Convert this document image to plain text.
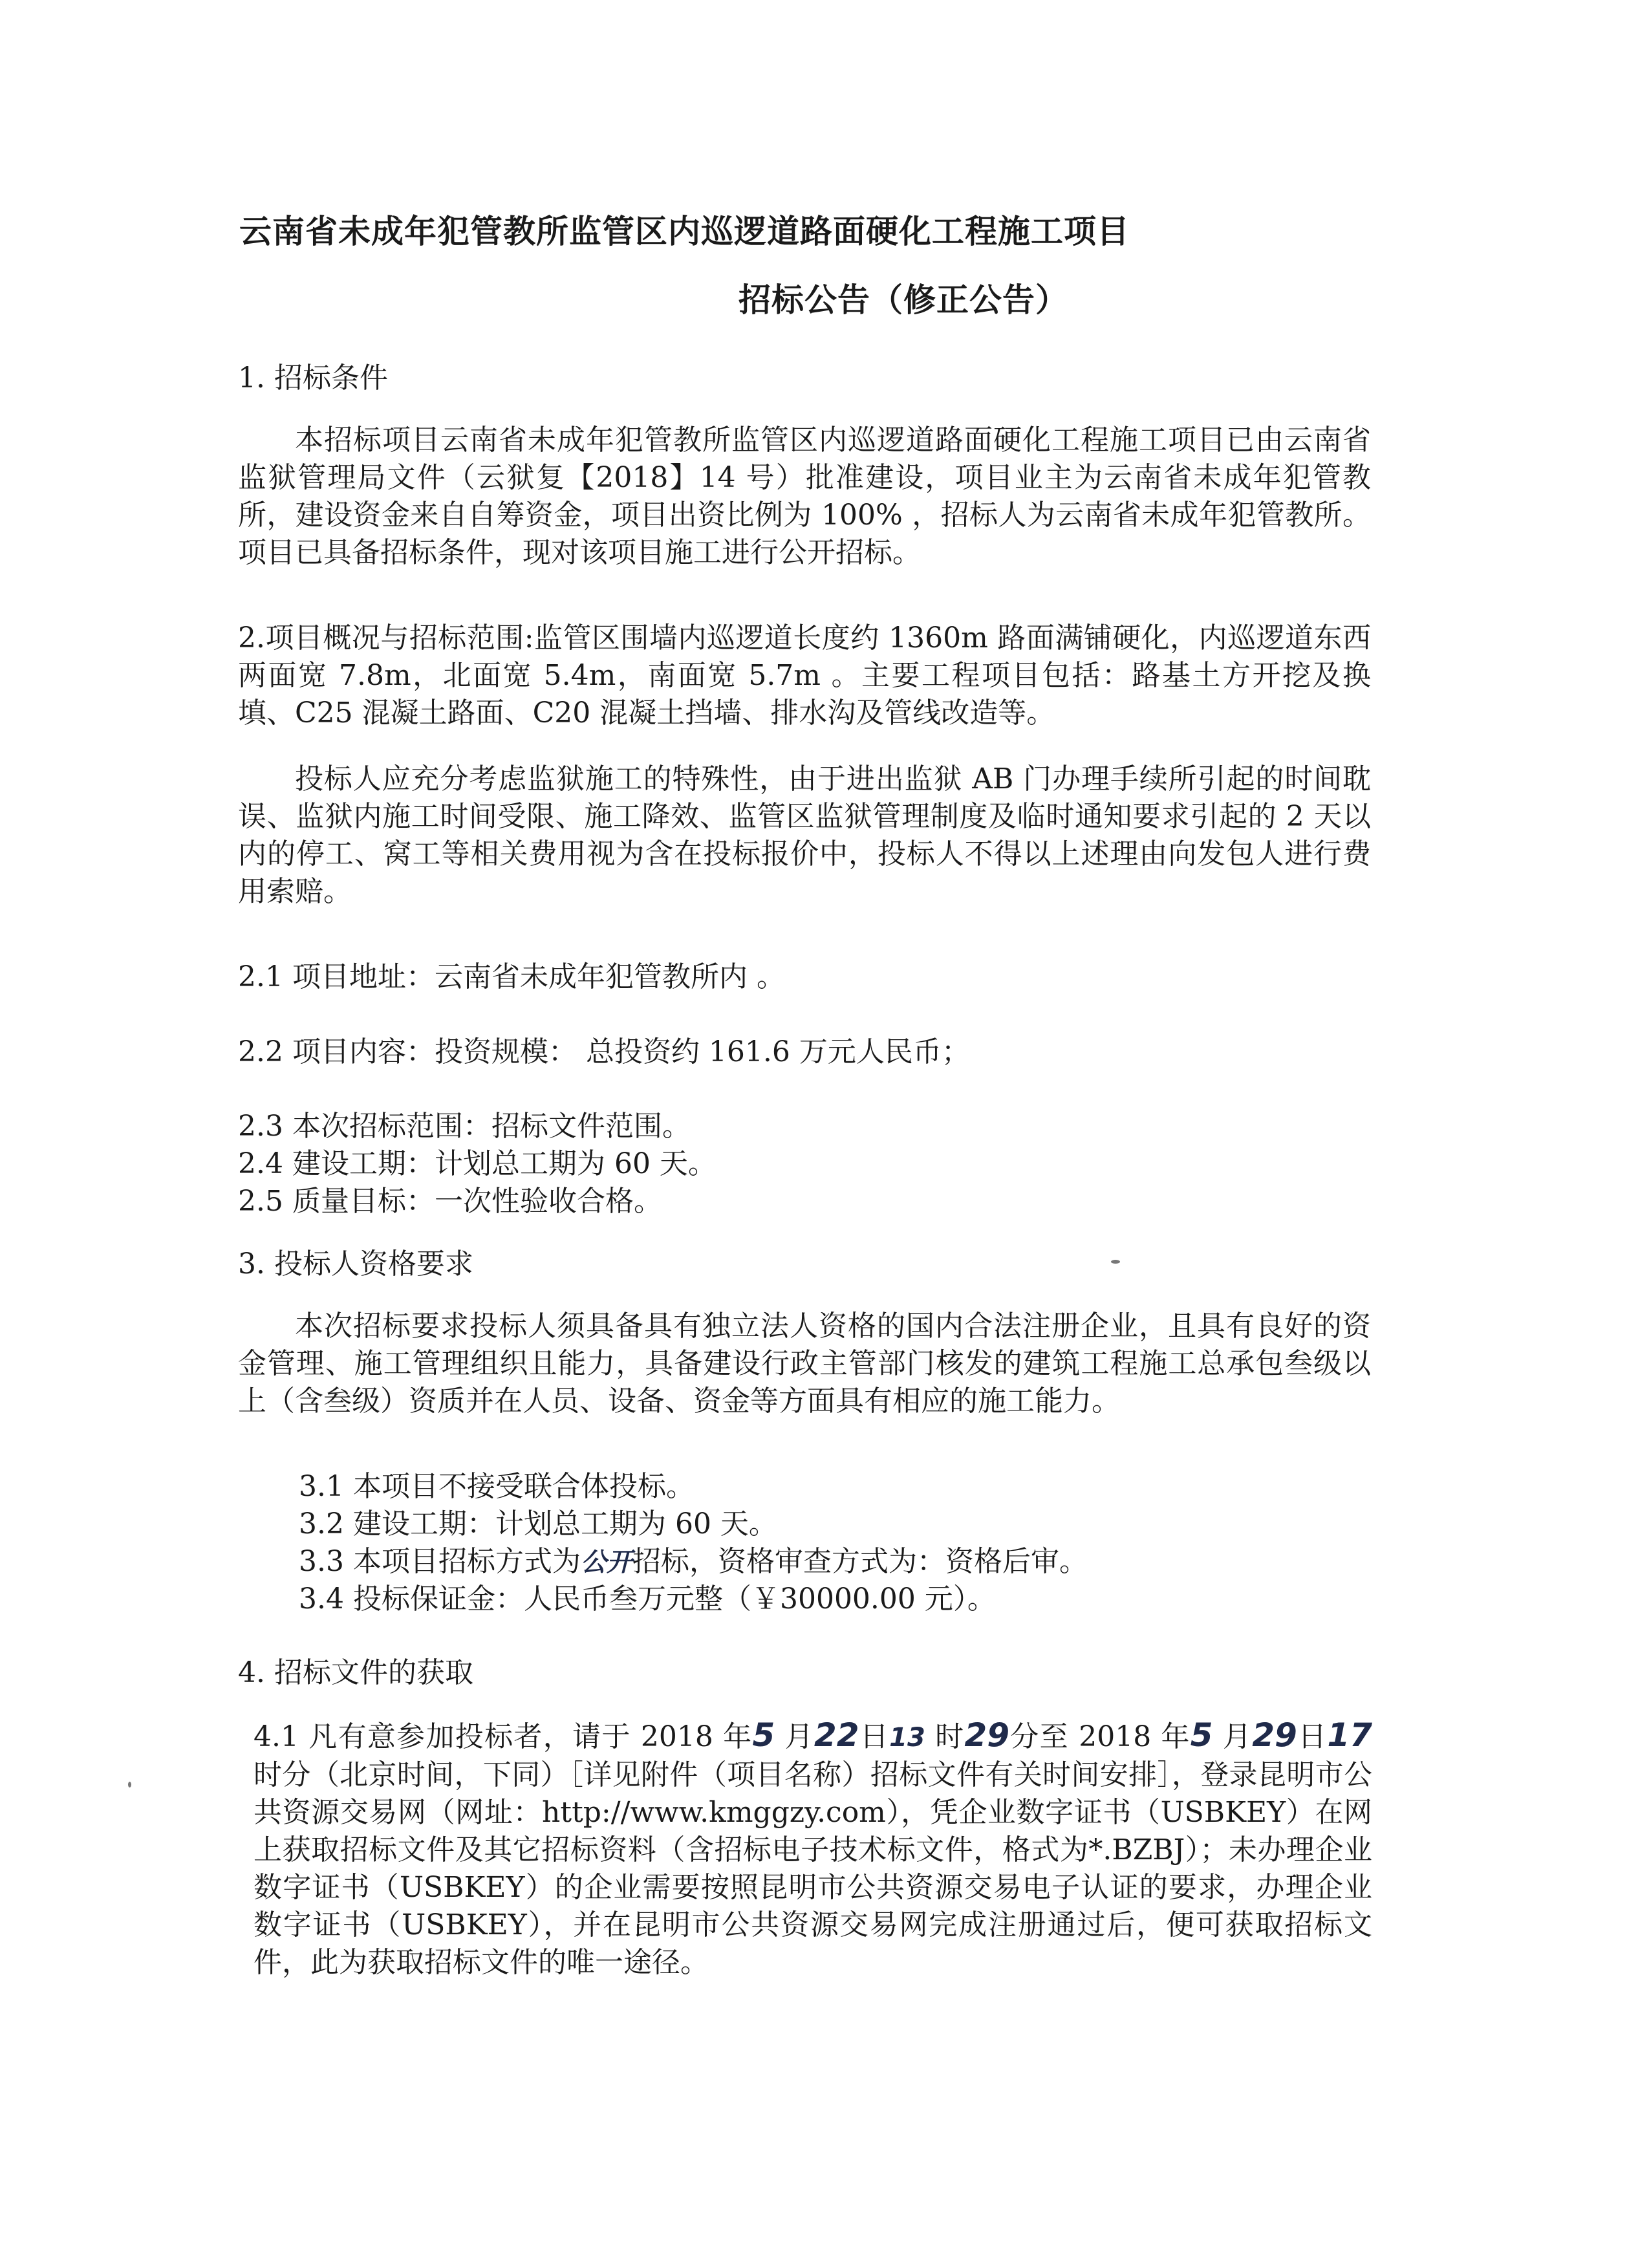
云南省未成年犯管教所监管区内巡逻道路面硬化工程施工项目
招标公告（修正公告）
1. 招标条件

本招标项目云南省未成年犯管教所监管区内巡逻道路面硬化工程施工项目已由云南省监狱管理局文件（云狱复【2018】14 号）批准建设，项目业主为云南省未成年犯管教所，建设资金来自自筹资金，项目出资比例为 100% ，招标人为云南省未成年犯管教所。项目已具备招标条件，现对该项目施工进行公开招标。

2.项目概况与招标范围:监管区围墙内巡逻道长度约 1360m 路面满铺硬化，内巡逻道东西两面宽 7.8m，北面宽 5.4m，南面宽 5.7m 。主要工程项目包括：路基土方开挖及换填、C25 混凝土路面、C20 混凝土挡墙、排水沟及管线改造等。

投标人应充分考虑监狱施工的特殊性，由于进出监狱 AB 门办理手续所引起的时间耽误、监狱内施工时间受限、施工降效、监管区监狱管理制度及临时通知要求引起的 2 天以内的停工、窝工等相关费用视为含在投标报价中，投标人不得以上述理由向发包人进行费用索赔。

2.1 项目地址：云南省未成年犯管教所内 。
2.2 项目内容：投资规模： 总投资约 161.6 万元人民币；
2.3 本次招标范围：招标文件范围。
2.4 建设工期：计划总工期为 60 天。
2.5 质量目标：一次性验收合格。
3. 投标人资格要求

本次招标要求投标人须具备具有独立法人资格的国内合法注册企业，且具有良好的资金管理、施工管理组织且能力，具备建设行政主管部门核发的建筑工程施工总承包叁级以上（含叁级）资质并在人员、设备、资金等方面具有相应的施工能力。

3.1 本项目不接受联合体投标。
3.2 建设工期：计划总工期为 60 天。
3.3 本项目招标方式为公开招标，资格审查方式为：资格后审。
3.4 投标保证金：人民币叁万元整（￥30000.00 元）。
4. 招标文件的获取

4.1 凡有意参加投标者，请于 2018 年5 月22日13 时29分至 2018 年5 月29日17 时分（北京时间，下同）［详见附件（项目名称）招标文件有关时间安排］，登录昆明市公共资源交易网（网址：http://www.kmggzy.com），凭企业数字证书（USBKEY）在网上获取招标文件及其它招标资料（含招标电子技术标文件，格式为*.BZBJ）；未办理企业数字证书（USBKEY）的企业需要按照昆明市公共资源交易电子认证的要求，办理企业数字证书（USBKEY），并在昆明市公共资源交易网完成注册通过后，便可获取招标文件，此为获取招标文件的唯一途径。
